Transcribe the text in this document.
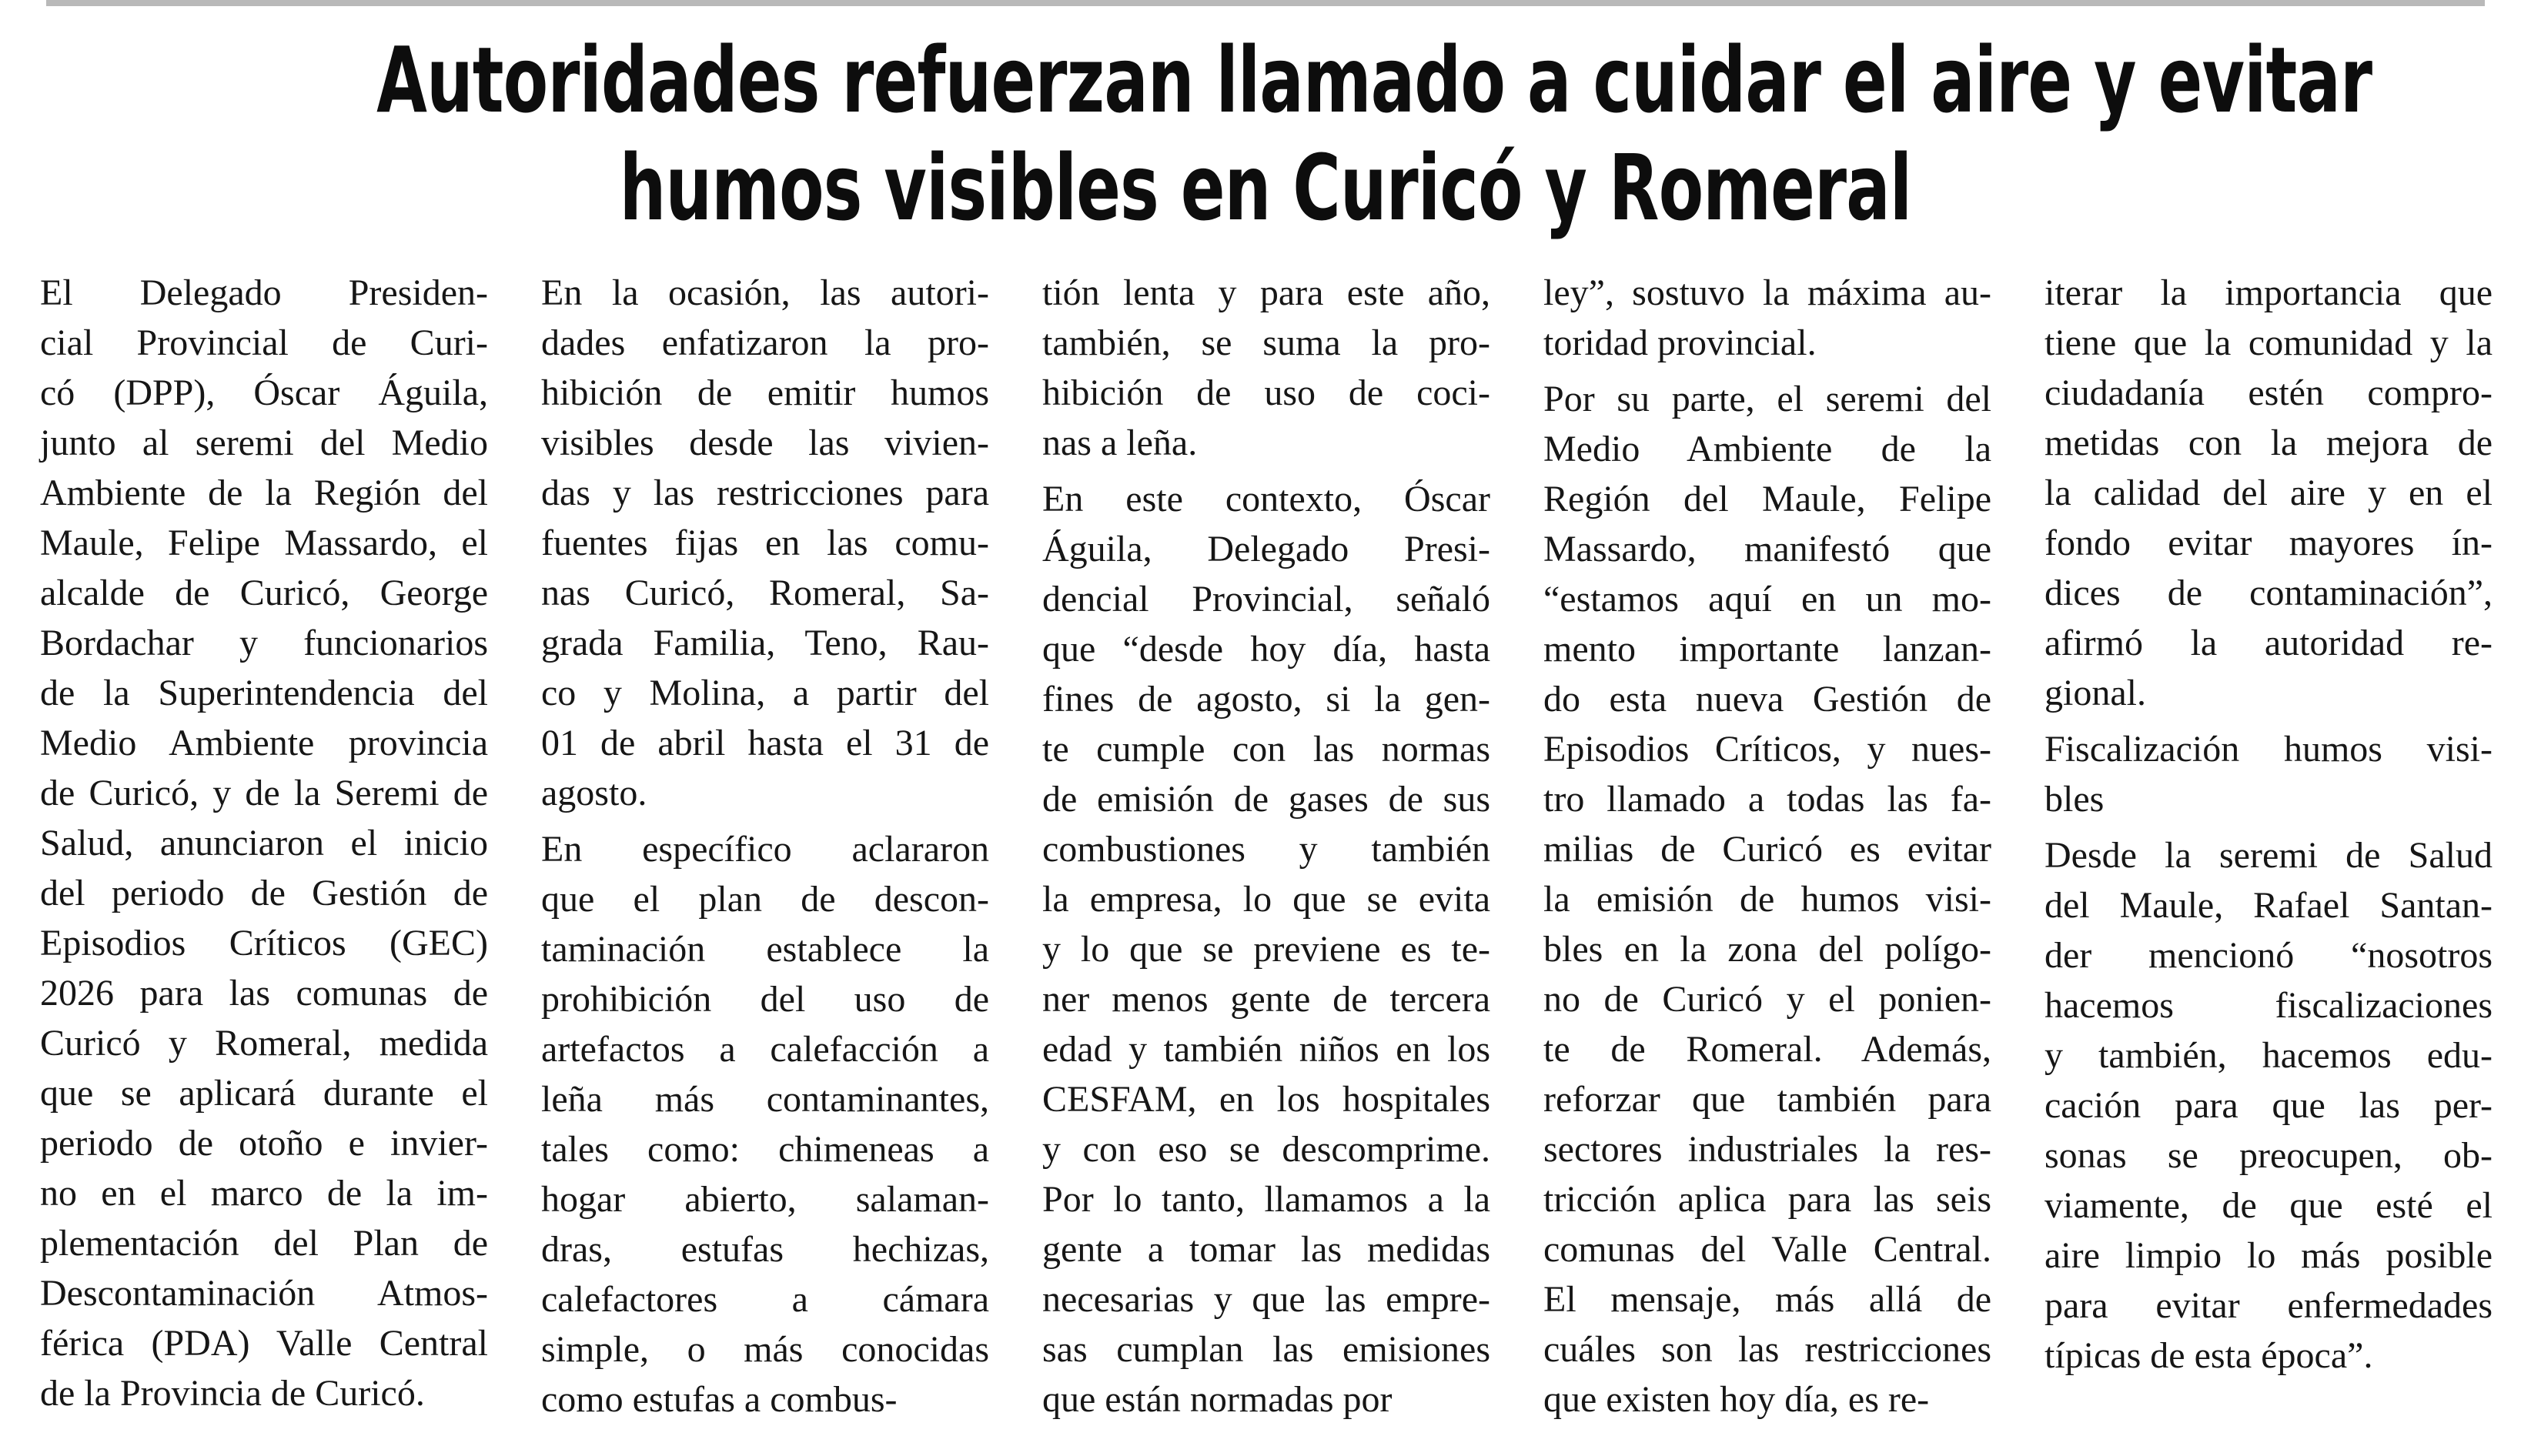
Autoridades refuerzan llamado a cuidar el aire y evitar
humos visibles en Curicó y Romeral

El Delegado Presiden-
cial Provincial de Curi-
có (DPP), Óscar Águila,
junto al seremi del Medio
Ambiente de la Región del
Maule, Felipe Massardo, el
alcalde de Curicó, George
Bordachar y funcionarios
de la Superintendencia del
Medio Ambiente provincia
de Curicó, y de la Seremi de
Salud, anunciaron el inicio
del periodo de Gestión de
Episodios Críticos (GEC)
2026 para las comunas de
Curicó y Romeral, medida
que se aplicará durante el
periodo de otoño e invier-
no en el marco de la im-
plementación del Plan de
Descontaminación Atmos-
férica (PDA) Valle Central
de la Provincia de Curicó.

En la ocasión, las autori-
dades enfatizaron la pro-
hibición de emitir humos
visibles desde las vivien-
das y las restricciones para
fuentes fijas en las comu-
nas Curicó, Romeral, Sa-
grada Familia, Teno, Rau-
co y Molina, a partir del
01 de abril hasta el 31 de
agosto.

En específico aclararon
que el plan de descon-
taminación establece la
prohibición del uso de
artefactos a calefacción a
leña más contaminantes,
tales como: chimeneas a
hogar abierto, salaman-
dras, estufas hechizas,
calefactores a cámara
simple, o más conocidas
como estufas a combus-

tión lenta y para este año,
también, se suma la pro-
hibición de uso de coci-
nas a leña.

En este contexto, Óscar
Águila, Delegado Presi-
dencial Provincial, señaló
que “desde hoy día, hasta
fines de agosto, si la gen-
te cumple con las normas
de emisión de gases de sus
combustiones y también
la empresa, lo que se evita
y lo que se previene es te-
ner menos gente de tercera
edad y también niños en los
CESFAM, en los hospitales
y con eso se descomprime.
Por lo tanto, llamamos a la
gente a tomar las medidas
necesarias y que las empre-
sas cumplan las emisiones
que están normadas por

ley”, sostuvo la máxima au-
toridad provincial.

Por su parte, el seremi del
Medio Ambiente de la
Región del Maule, Felipe
Massardo, manifestó que
“estamos aquí en un mo-
mento importante lanzan-
do esta nueva Gestión de
Episodios Críticos, y nues-
tro llamado a todas las fa-
milias de Curicó es evitar
la emisión de humos visi-
bles en la zona del polígo-
no de Curicó y el ponien-
te de Romeral. Además,
reforzar que también para
sectores industriales la res-
tricción aplica para las seis
comunas del Valle Central.
El mensaje, más allá de
cuáles son las restricciones
que existen hoy día, es re-

iterar la importancia que
tiene que la comunidad y la
ciudadanía estén compro-
metidas con la mejora de
la calidad del aire y en el
fondo evitar mayores ín-
dices de contaminación”,
afirmó la autoridad re-
gional.

Fiscalización humos visi-
bles

Desde la seremi de Salud
del Maule, Rafael Santan-
der mencionó “nosotros
hacemos fiscalizaciones
y también, hacemos edu-
cación para que las per-
sonas se preocupen, ob-
viamente, de que esté el
aire limpio lo más posible
para evitar enfermedades
típicas de esta época”.
